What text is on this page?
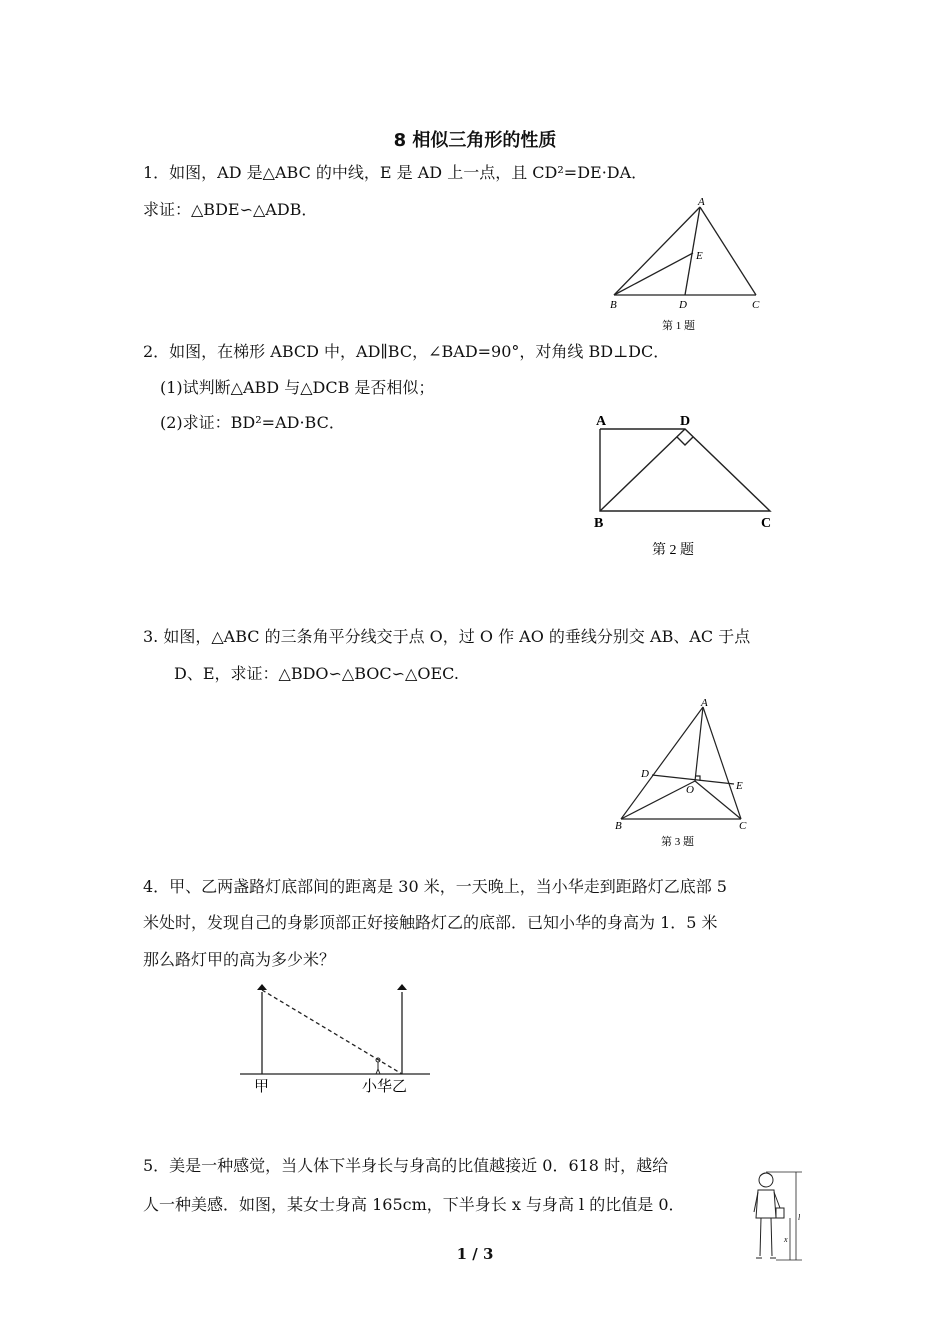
8 相似三角形的性质
1．如图，AD 是△ABC 的中线，E 是 AD 上一点，且 CD²=DE·DA．
求证：△BDE∽△ADB．	A
E
B	D	C
第 1 题
2．如图，在梯形 ABCD 中，AD∥BC，∠BAD=90°，对角线 BD⊥DC．
(1)试判断△ABD 与△DCB 是否相似；
(2)求证：BD²=AD·BC．	A	D
B	C
第 2 题
3. 如图，△ABC 的三条角平分线交于点 O，过 O 作 AO 的垂线分别交 AB、AC 于点
D、E，求证：△BDO∽△BOC∽△OEC.
A
D
E
O
B	C
第 3 题
4．甲、乙两盏路灯底部间的距离是 30 米，一天晚上，当小华走到距路灯乙底部 5
米处时，发现自己的身影顶部正好接触路灯乙的底部．已知小华的身高为 1．5 米
那么路灯甲的高为多少米？
甲	小华乙
5．美是一种感觉，当人体下半身长与身高的比值越接近 0．618 时，越给
人一种美感．如图，某女士身高 165cm，下半身长 x 与身高 l 的比值是 0．
l
x
1 / 3
